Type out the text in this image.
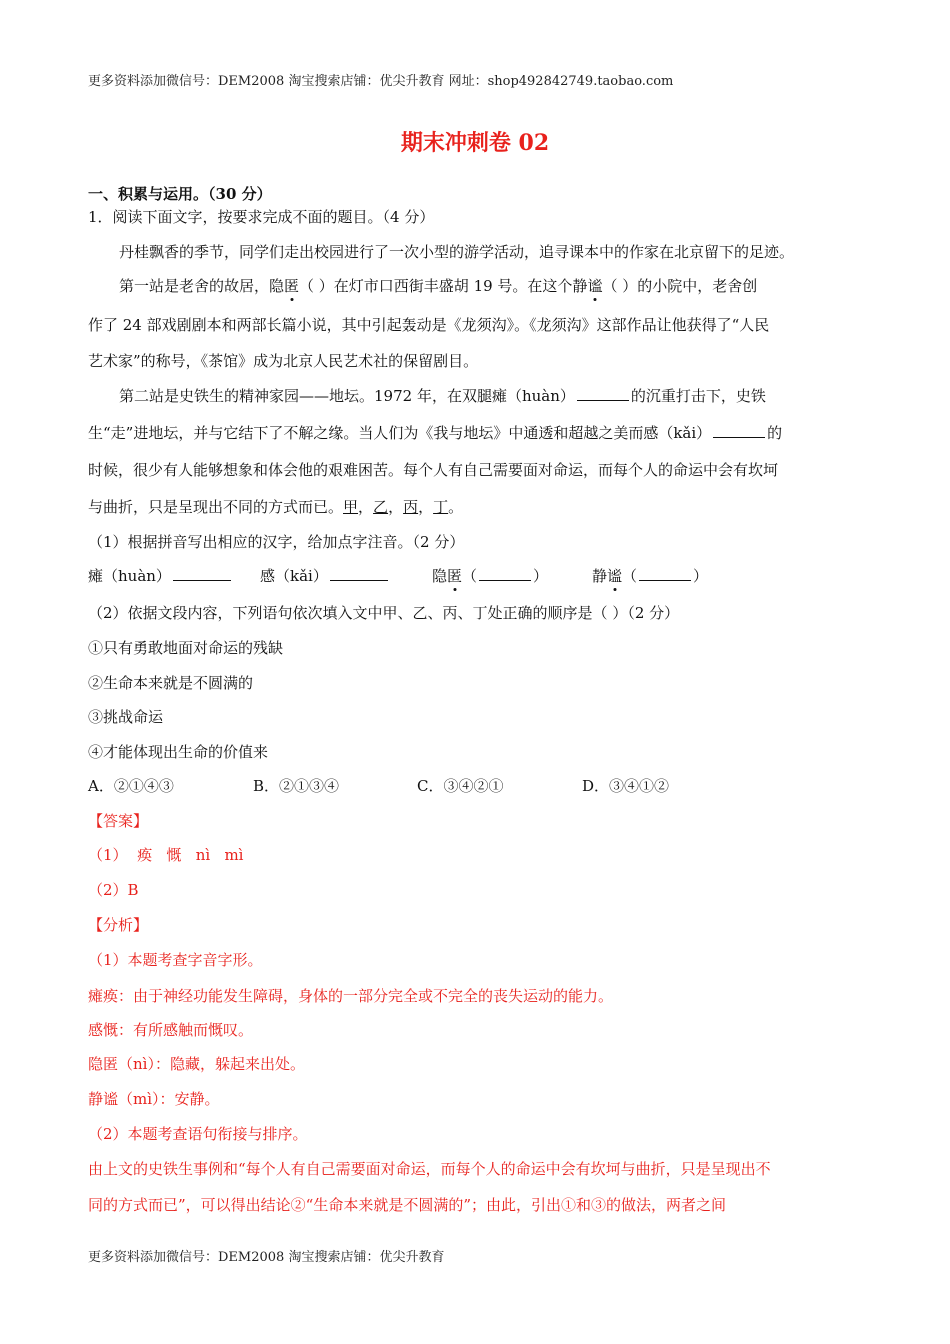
更多资料添加微信号：DEM2008 淘宝搜索店铺：优尖升教育 网址：shop492842749.taobao.com
期末冲刺卷 02
一、积累与运用。（30 分）
1．阅读下面文字，按要求完成不面的题目。（4 分）
丹桂飘香的季节，同学们走出校园进行了一次小型的游学活动，追寻课本中的作家在北京留下的足迹。
第一站是老舍的故居，隐匿（ ）在灯市口西街丰盛胡 19 号。在这个静谧（ ）的小院中，老舍创
作了 24 部戏剧剧本和两部长篇小说，其中引起轰动是《龙须沟》。《龙须沟》这部作品让他获得了“人民
艺术家”的称号，《茶馆》成为北京人民艺术社的保留剧目。
第二站是史铁生的精神家园——地坛。1972 年，在双腿瘫（huàn）	的沉重打击下，史铁
生“走”进地坛，并与它结下了不解之缘。当人们为《我与地坛》中通透和超越之美而感（kǎi）	的
时候，很少有人能够想象和体会他的艰难困苦。每个人有自己需要面对命运，而每个人的命运中会有坎坷
与曲折，只是呈现出不同的方式而已。甲，乙，丙，丁。
（1）根据拼音写出相应的汉字，给加点字注音。（2 分）
瘫（huàn）	感（kǎi）	隐匿（	）	静谧（	）
（2）依据文段内容，下列语句依次填入文中甲、乙、丙、丁处正确的顺序是（ ）（2 分）
①只有勇敢地面对命运的残缺
②生命本来就是不圆满的
③挑战命运
④才能体现出生命的价值来
A．②①④③	B．②①③④	C．③④②①	D．③④①②
【答案】
（1）  痪   慨   nì   mì
（2）B
【分析】
（1）本题考查字音字形。
瘫痪：由于神经功能发生障碍，身体的一部分完全或不完全的丧失运动的能力。
感慨：有所感触而慨叹。
隐匿（nì）：隐藏，躲起来出处。
静谧（mì）：安静。
（2）本题考查语句衔接与排序。
由上文的史铁生事例和“每个人有自己需要面对命运，而每个人的命运中会有坎坷与曲折，只是呈现出不
同的方式而已”，可以得出结论②“生命本来就是不圆满的”；由此，引出①和③的做法，两者之间
更多资料添加微信号：DEM2008 淘宝搜索店铺：优尖升教育
